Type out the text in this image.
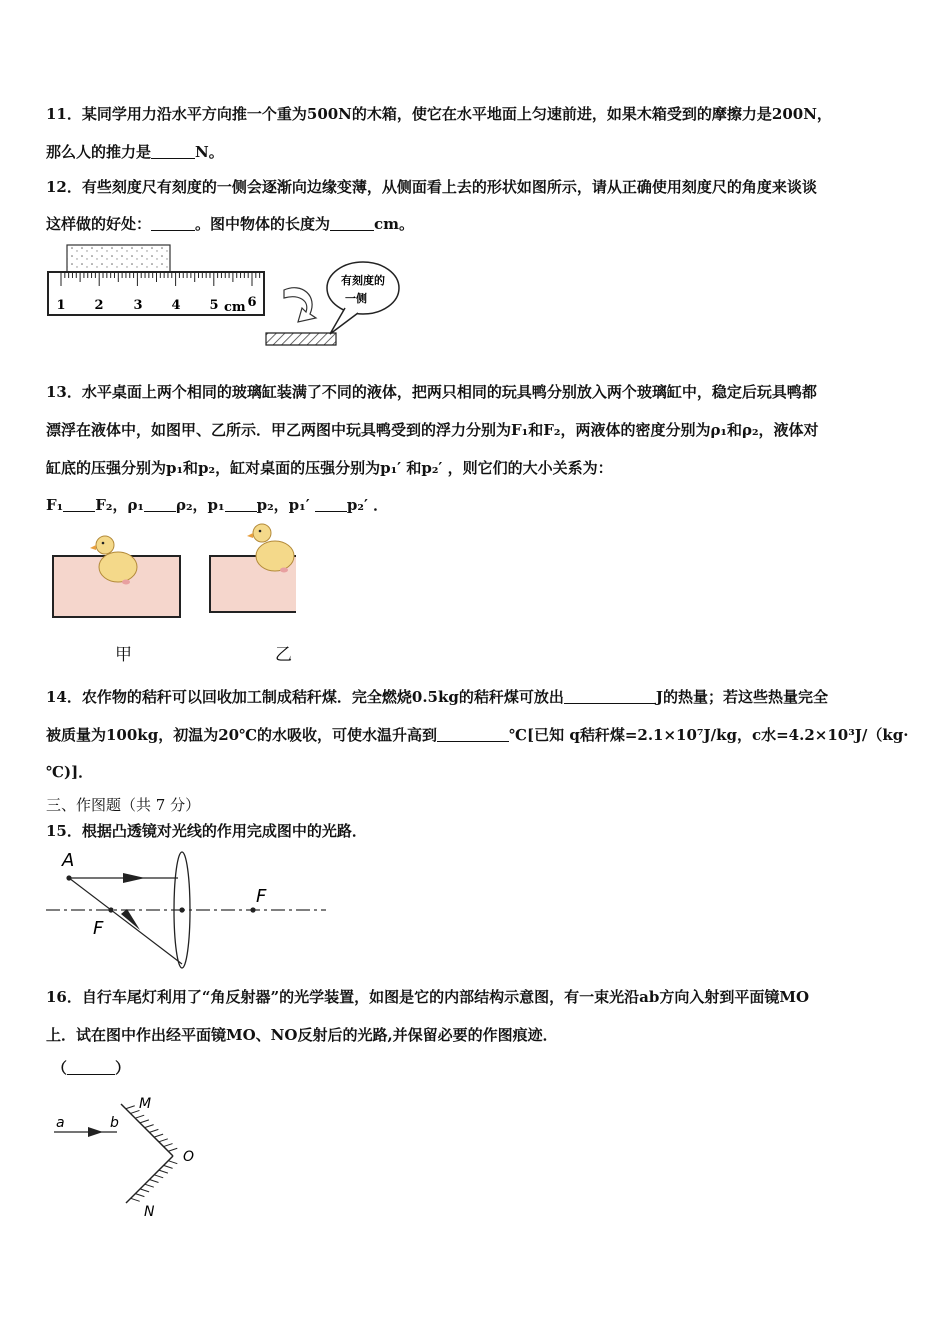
11．某同学用力沿水平方向推一个重为500N的木箱，使它在水平地面上匀速前进，如果木箱受到的摩擦力是200N，
那么人的推力是	N。
12．有些刻度尺有刻度的一侧会逐渐向边缘变薄，从侧面看上去的形状如图所示，请从正确使用刻度尺的角度来谈谈
这样做的好处：	。图中物体的长度为	cm。
1 2 3 4 5 6
cm
有刻度的
一侧
13．水平桌面上两个相同的玻璃缸装满了不同的液体，把两只相同的玩具鸭分别放入两个玻璃缸中，稳定后玩具鸭都
漂浮在液体中，如图甲、乙所示．甲乙两图中玩具鸭受到的浮力分别为F₁和F₂，两液体的密度分别为ρ₁和ρ₂，液体对
缸底的压强分别为p₁和p₂，缸对桌面的压强分别为p₁′ 和p₂′ ，则它们的大小关系为：
F₁ F₂，ρ₁ ρ₂，p₁ p₂，p₁′ p₂′ ．
甲	乙
14．农作物的秸秆可以回收加工制成秸秆煤．完全燃烧0.5kg的秸秆煤可放出	J的热量；若这些热量完全
被质量为100kg，初温为20℃的水吸收，可使水温升高到	℃[已知 q秸秆煤=2.1×10⁷J/kg，c水=4.2×10³J/（kg·
℃)]．
三、作图题（共 7 分）
15．根据凸透镜对光线的作用完成图中的光路．
A
F
F
16．自行车尾灯利用了“角反射器”的光学装置，如图是它的内部结构示意图，有一束光沿ab方向入射到平面镜MO
上．试在图中作出经平面镜MO、NO反射后的光路,并保留必要的作图痕迹．
（	）
M
a	b
O
N
